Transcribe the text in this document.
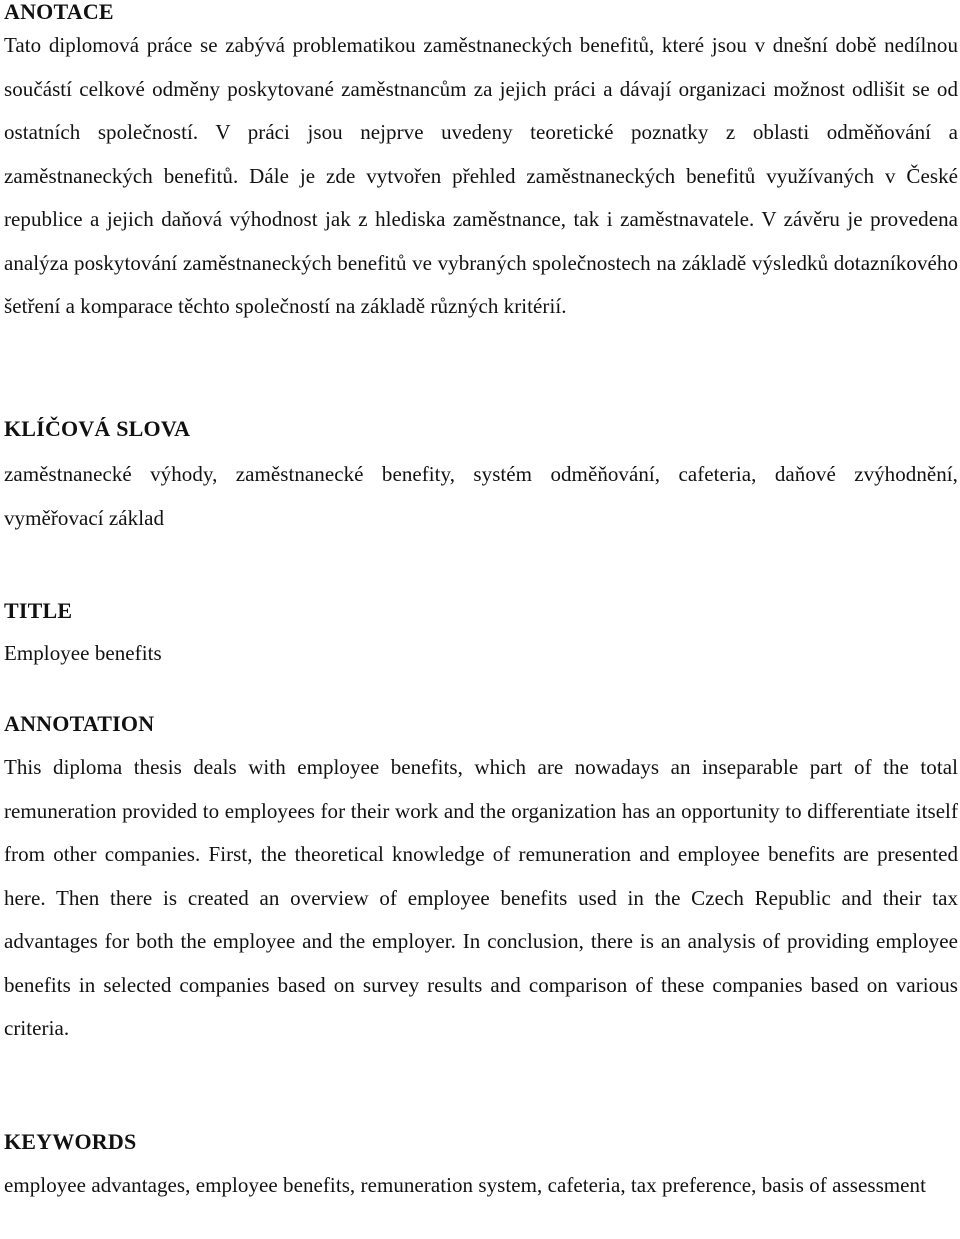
ANOTACE

Tato diplomová práce se zabývá problematikou zaměstnaneckých benefitů, které jsou v dnešní době nedílnou součástí celkové odměny poskytované zaměstnancům za jejich práci a dávají organizaci možnost odlišit se od ostatních společností. V práci jsou nejprve uvedeny teoretické poznatky z oblasti odměňování a zaměstnaneckých benefitů. Dále je zde vytvořen přehled zaměstnaneckých benefitů využívaných v České republice a jejich daňová výhodnost jak z hlediska zaměstnance, tak i zaměstnavatele. V závěru je provedena analýza poskytování zaměstnaneckých benefitů ve vybraných společnostech na základě výsledků dotazníkového šetření a komparace těchto společností na základě různých kritérií.

KLÍČOVÁ SLOVA

zaměstnanecké výhody, zaměstnanecké benefity, systém odměňování, cafeteria, daňové zvýhodnění, vyměřovací základ

TITLE

Employee benefits

ANNOTATION

This diploma thesis deals with employee benefits, which are nowadays an inseparable part of the total remuneration provided to employees for their work and the organization has an opportunity to differentiate itself from other companies. First, the theoretical knowledge of remuneration and employee benefits are presented here. Then there is created an overview of employee benefits used in the Czech Republic and their tax advantages for both the employee and the employer. In conclusion, there is an analysis of providing employee benefits in selected companies based on survey results and comparison of these companies based on various criteria.

KEYWORDS

employee advantages, employee benefits, remuneration system, cafeteria, tax preference, basis of assessment
